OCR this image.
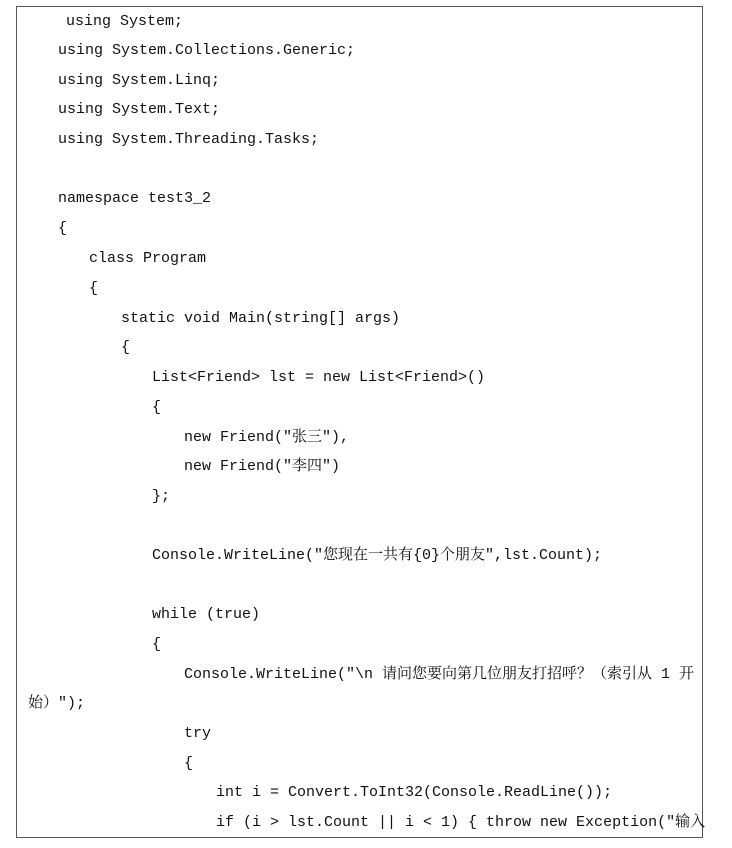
using System;
using System.Collections.Generic;
using System.Linq;
using System.Text;
using System.Threading.Tasks;
namespace test3_2
{
class Program
{
static void Main(string[] args)
{
List<Friend> lst = new List<Friend>()
{
new Friend("张三"),
new Friend("李四")
};
Console.WriteLine("您现在一共有{0}个朋友",lst.Count);
while (true)
{
Console.WriteLine("\n 请问您要向第几位朋友打招呼？（索引从 1 开
始）");
try
{
int i = Convert.ToInt32(Console.ReadLine());
if (i > lst.Count || i < 1) { throw new Exception("输入
